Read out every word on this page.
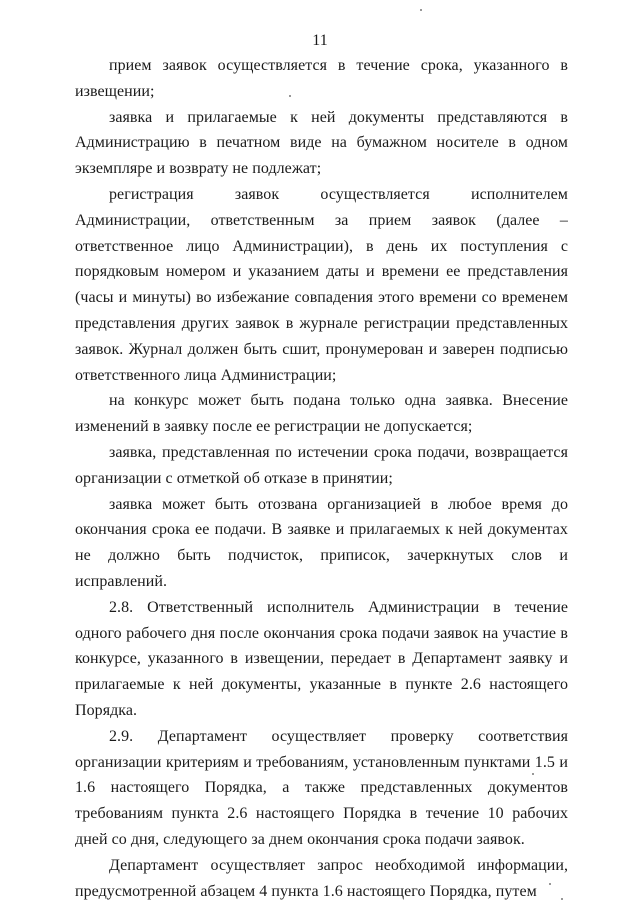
11

прием заявок осуществляется в течение срока, указанного в извещении;

заявка и прилагаемые к ней документы представляются в Администрацию в печатном виде на бумажном носителе в одном экземпляре и возврату не подлежат;

регистрация заявок осуществляется исполнителем Администрации, ответственным за прием заявок (далее – ответственное лицо Администрации), в день их поступления с порядковым номером и указанием даты и времени ее представления (часы и минуты) во избежание совпадения этого времени со временем представления других заявок в журнале регистрации представленных заявок. Журнал должен быть сшит, пронумерован и заверен подписью ответственного лица Администрации;

на конкурс может быть подана только одна заявка. Внесение изменений в заявку после ее регистрации не допускается;

заявка, представленная по истечении срока подачи, возвращается организации с отметкой об отказе в принятии;

заявка может быть отозвана организацией в любое время до окончания срока ее подачи. В заявке и прилагаемых к ней документах не должно быть подчисток, приписок, зачеркнутых слов и исправлений.

2.8. Ответственный исполнитель Администрации в течение одного рабочего дня после окончания срока подачи заявок на участие в конкурсе, указанного в извещении, передает в Департамент заявку и прилагаемые к ней документы, указанные в пункте 2.6 настоящего Порядка.

2.9. Департамент осуществляет проверку соответствия организации критериям и требованиям, установленным пунктами 1.5 и 1.6 настоящего Порядка, а также представленных документов требованиям пункта 2.6 настоящего Порядка в течение 10 рабочих дней со дня, следующего за днем окончания срока подачи заявок.

Департамент осуществляет запрос необходимой информации, предусмотренной абзацем 4 пункта 1.6 настоящего Порядка, путем
